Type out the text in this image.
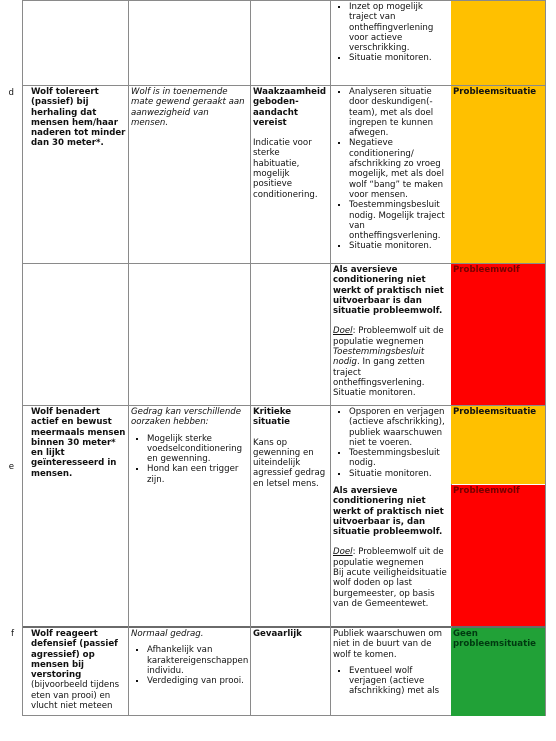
d
e
f
▪ Inzet op mogelijk traject van ontheffingverlening voor actieve verschrikking.
▪ Situatie monitoren.
Wolf tolereert (passief) bij herhaling dat mensen hem/haar naderen tot minder dan 30 meter*.
Wolf is in toenemende mate gewend geraakt aan aanwezigheid van mensen.

Waakzaamheid geboden-aandacht vereist

Indicatie voor sterke habituatie, mogelijk positieve conditionering.

▪ Analyseren situatie door deskundigen(-team), met als doel ingrepen te kunnen afwegen.
▪ Negatieve conditionering/ afschrikking zo vroeg mogelijk, met als doel wolf “bang” te maken voor mensen.
▪ Toestemmingsbesluit nodig. Mogelijk traject van ontheffingsverlening.
▪ Situatie monitoren.
Probleemsituatie

Als aversieve conditionering niet werkt of praktisch niet uitvoerbaar is dan situatie probleemwolf.

Doel: Probleemwolf uit de populatie wegnemen

Toestemmingsbesluit nodig. In gang zetten traject ontheffingsverlening.

Situatie monitoren.

Probleemwolf
Wolf benadert actief en bewust meermaals mensen binnen 30 meter* en lijkt geïnteresseerd in mensen.

Gedrag kan verschillende oorzaken hebben:

▪ Mogelijk sterke voedselconditionering en gewenning.
▪ Hond kan een trigger zijn.

Kritieke situatie

Kans op gewenning en uiteindelijk agressief gedrag en letsel mens.

▪ Opsporen en verjagen (actieve afschrikking), publiek waarschuwen niet te voeren.
▪ Toestemmingsbesluit nodig.
▪ Situatie monitoren.
Probleemsituatie

Als aversieve conditionering niet werkt of praktisch niet uitvoerbaar is, dan situatie probleemwolf.

Doel: Probleemwolf uit de populatie wegnemen

Bij acute veiligheidsituatie wolf doden op last burgemeester, op basis van de Gemeentewet.

Probleemwolf
Wolf reageert defensief (passief agressief) op mensen bij verstoring (bijvoorbeeld tijdens eten van prooi) en vlucht niet meteen

Normaal gedrag.

▪ Afhankelijk van karaktereigenschappen individu.
▪ Verdediging van prooi.
Gevaarlijk	Publiek waarschuwen om niet in de buurt van de wolf te komen.

▪ Eventueel wolf verjagen (actieve afschrikking) met als
Geen probleemsituatie
